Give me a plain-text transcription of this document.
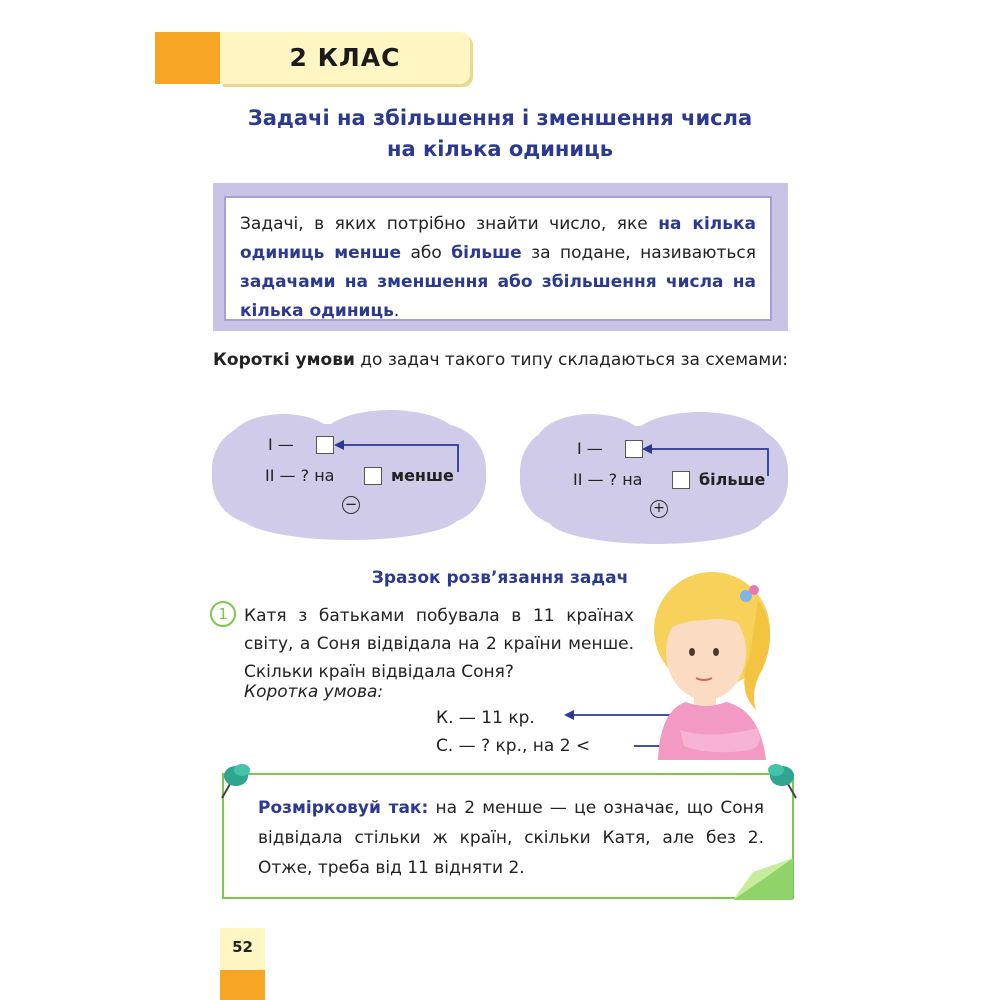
2 КЛАС
Задачі на збільшення і зменшення числа
на кілька одиниць
Задачі, в яких потрібно знайти число, яке на кілька одиниць менше або більше за подане, називаються задачами на зменшення або збільшення числа на кілька одиниць.
Короткі умови до задач такого типу складаються за схемами:
I —
II — ? на	менше
−
I —
II — ? на	більше
+
Зразок розв’язання задач
1 Катя з батьками побувала в 11 країнах світу, а Соня відвідала на 2 країни менше. Скільки країн відвідала Соня?
Коротка умова:
К. — 11 кр.
С. — ? кр., на 2 <
Розмірковуй так: на 2 менше — це означає, що Соня відвідала стільки ж країн, скільки Катя, але без 2. Отже, треба від 11 відняти 2.
52
